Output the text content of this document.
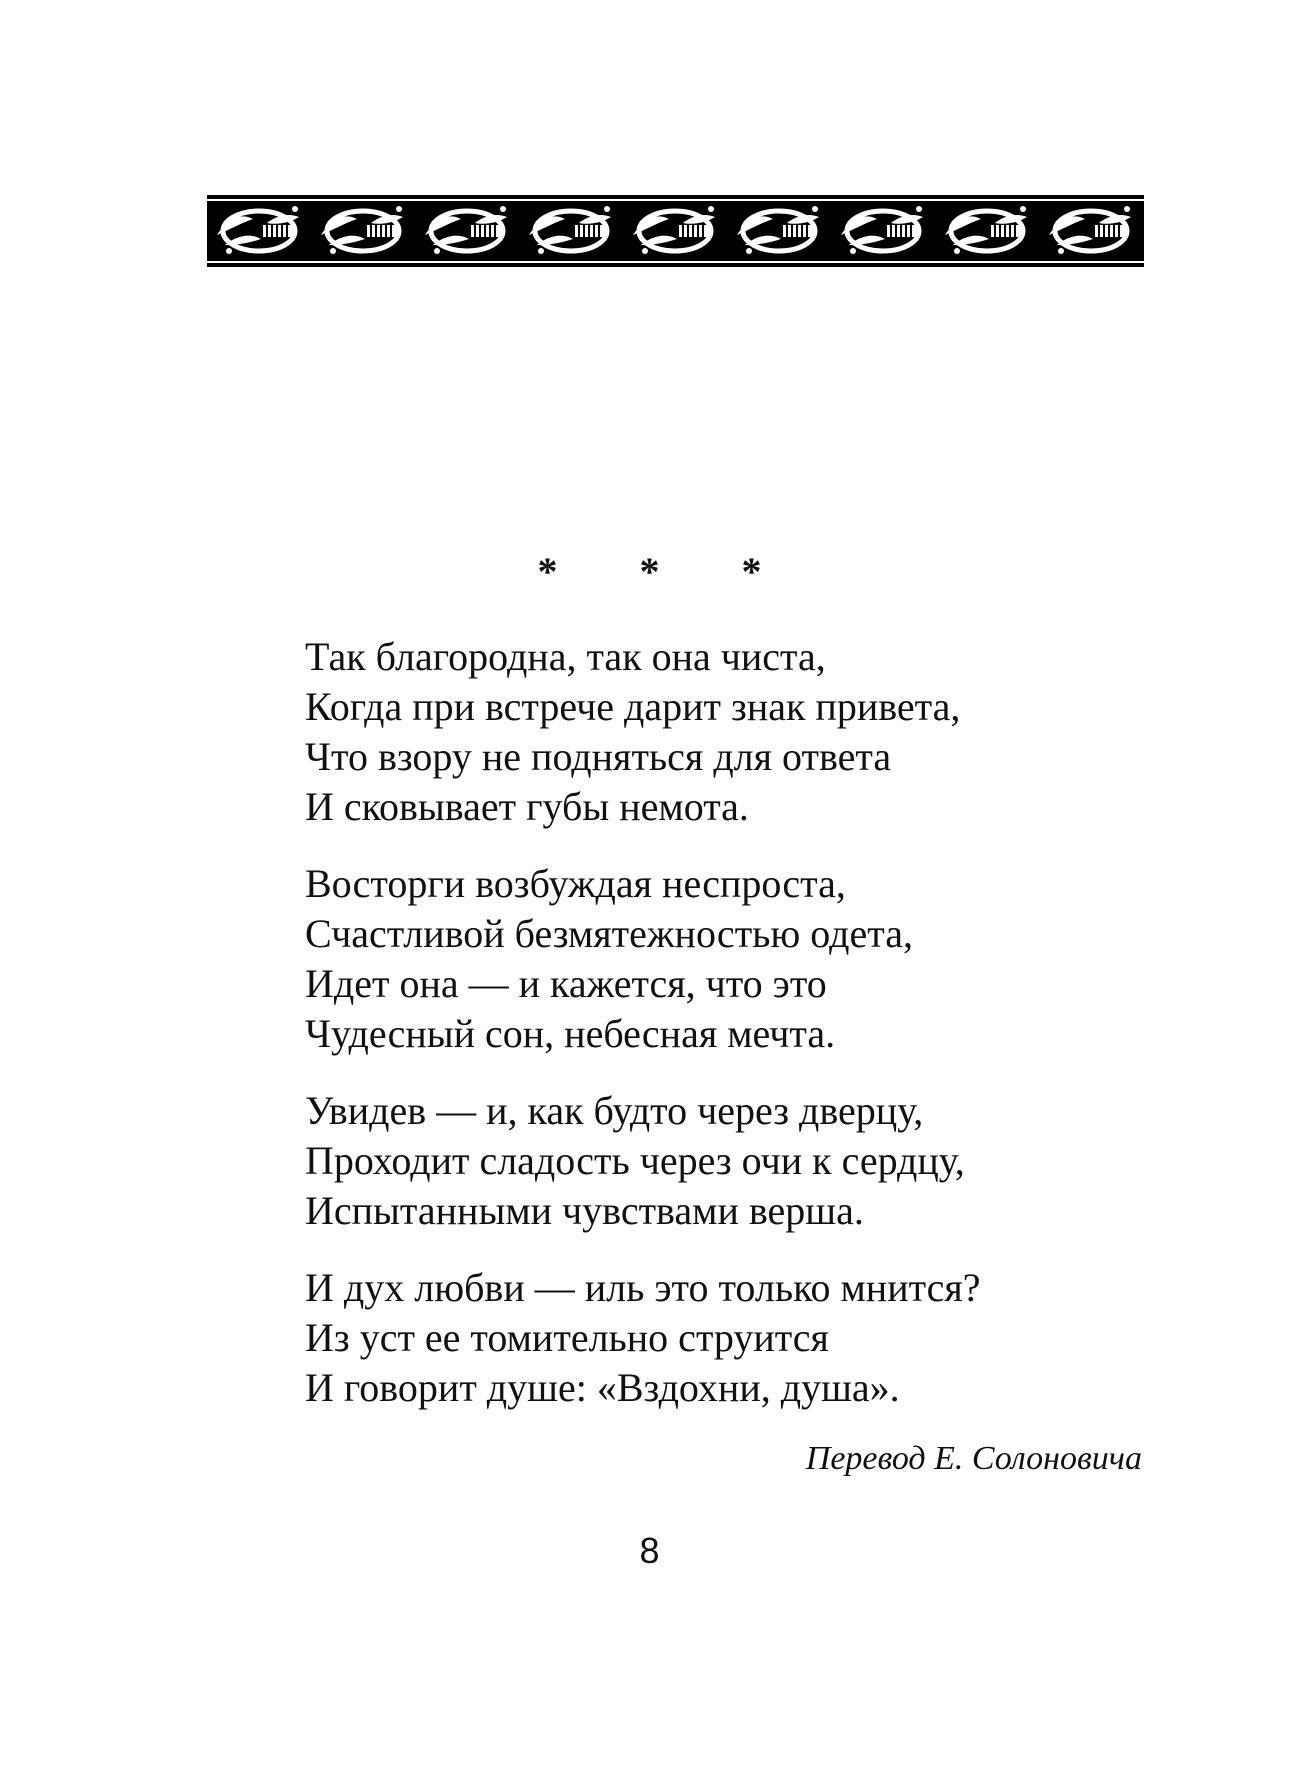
* * *
Так благородна, так она чиста,
Когда при встрече дарит знак привета,
Что взору не подняться для ответа
И сковывает губы немота.
Восторги возбуждая неспроста,
Счастливой безмятежностью одета,
Идет она — и кажется, что это
Чудесный сон, небесная мечта.
Увидев — и, как будто через дверцу,
Проходит сладость через очи к сердцу,
Испытанными чувствами верша.
И дух любви — иль это только мнится?
Из уст ее томительно струится
И говорит душе: «Вздохни, душа».
Перевод Е. Солоновича
8
